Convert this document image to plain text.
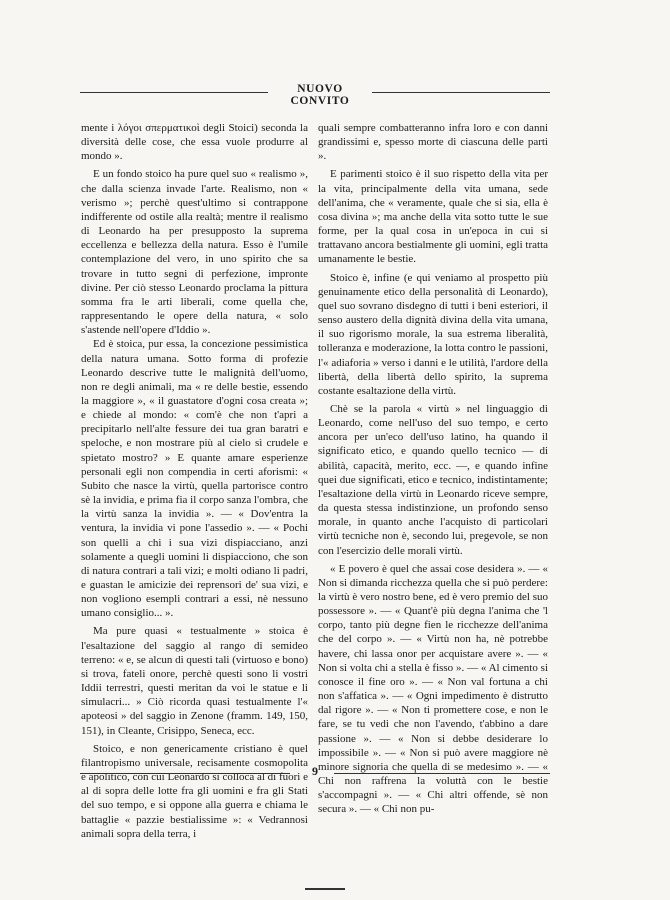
NUOVO CONVITO

mente i λόγοι σπερματικοὶ degli Stoici) seconda la diversità delle cose, che essa vuole produrre al mondo ».

E un fondo stoico ha pure quel suo « realismo », che dalla scienza invade l'arte. Realismo, non « verismo »; perchè quest'ultimo si contrappone indifferente od ostile alla realtà; mentre il realismo di Leonardo ha per presupposto la suprema eccellenza e bellezza della natura. Esso è l'umile contemplazione del vero, in uno spirito che sa trovare in tutto segni di perfezione, impronte divine. Per ciò stesso Leonardo proclama la pittura somma fra le arti liberali, come quella che, rappresentando le opere della natura, « solo s'astende nell'opere d'Iddio ».

Ed è stoica, pur essa, la concezione pessimistica della natura umana. Sotto forma di profezie Leonardo descrive tutte le malignità dell'uomo, non re degli animali, ma « re delle bestie, essendo la maggiore », « il guastatore d'ogni cosa creata »; e chiede al mondo: « com'è che non t'apri a precipitarlo nell'alte fessure dei tua gran baratri e speloche, e non mostrare più al cielo sì crudele e spietato mostro? » E quante amare esperienze personali egli non compendia in certi aforismi: « Subito che nasce la virtù, quella partorisce contro sè la invidia, e prima fia il corpo sanza l'ombra, che la virtù sanza la invidia ». — « Dov'entra la ventura, la invidia vi pone l'assedio ». — « Pochi son quelli a chi i sua vizi dispiacciano, anzi solamente a quegli uomini li dispiacciono, che son di natura contrari a tali vizi; e molti odiano li padri, e guastan le amicizie dei reprensori de' sua vizi, e non vogliono esempli contrari a essi, nè nessuno umano consiglio... ».

Ma pure quasi « testualmente » stoica è l'esaltazione del saggio al rango di semideo terreno: « e, se alcun di questi tali (virtuoso e bono) si trova, fateli onore, perchè questi sono li vostri Iddii terrestri, questi meritan da voi le statue e li simulacri... » Ciò ricorda quasi testualmente l'« apoteosi » del saggio in Zenone (framm. 149, 150, 151), in Cleante, Crisippo, Seneca, ecc.

Stoico, e non genericamente cristiano è quel filantropismo universale, recisamente cosmopolita e apolitico, con cui Leonardo si colloca al di fuori e al di sopra delle lotte fra gli uomini e fra gli Stati del suo tempo, e si oppone alla guerra e chiama le battaglie « pazzie bestialissime »: « Vedrannosi animali sopra della terra, i

quali sempre combatteranno infra loro e con danni grandissimi e, spesso morte di ciascuna delle parti ».

E parimenti stoico è il suo rispetto della vita per la vita, principalmente della vita umana, sede dell'anima, che « veramente, quale che si sia, ella è cosa divina »; ma anche della vita sotto tutte le sue forme, per la qual cosa in un'epoca in cui si trattavano ancora bestialmente gli uomini, egli tratta umanamente le bestie.

Stoico è, infine (e qui veniamo al prospetto più genuinamente etico della personalità di Leonardo), quel suo sovrano disdegno di tutti i beni esteriori, il senso austero della dignità divina della vita umana, il suo rigorismo morale, la sua estrema liberalità, tolleranza e moderazione, la lotta contro le passioni, l'« adiaforia » verso i danni e le utilità, l'ardore della libertà, della libertà dello spirito, la suprema costante esaltazione della virtù.

Chè se la parola « virtù » nel linguaggio di Leonardo, come nell'uso del suo tempo, e certo ancora per un'eco dell'uso latino, ha quando il significato etico, e quando quello tecnico — di abilità, capacità, merito, ecc. —, e quando infine quei due significati, etico e tecnico, indistintamente; l'esaltazione della virtù in Leonardo riceve sempre, da questa stessa indistinzione, un profondo senso morale, in quanto anche l'acquisto di particolari virtù tecniche non è, secondo lui, pregevole, se non con l'esercizio delle morali virtù.

« E povero è quel che assai cose desidera ». — « Non si dimanda ricchezza quella che si può perdere: la virtù è vero nostro bene, ed è vero premio del suo possessore ». — « Quant'è più degna l'anima che 'l corpo, tanto più degne fien le ricchezze dell'anima che del corpo ». — « Virtù non ha, nè potrebbe havere, chi lassa onor per acquistare avere ». — « Non si volta chi a stella è fisso ». — « Al cimento si conosce il fine oro ». — « Non val fortuna a chi non s'affatica ». — « Ogni impedimento è distrutto dal rigore ». — « Non ti promettere cose, e non le fare, se tu vedi che non l'avendo, t'abbino a dare passione ». — « Non si debbe desiderare lo impossibile ». — « Non si può avere maggiore nè minore signoria che quella di se medesimo ». — « Chi non raffrena la voluttà con le bestie s'accompagni ». — « Chi altri offende, sè non secura ». — « Chi non pu-

9
